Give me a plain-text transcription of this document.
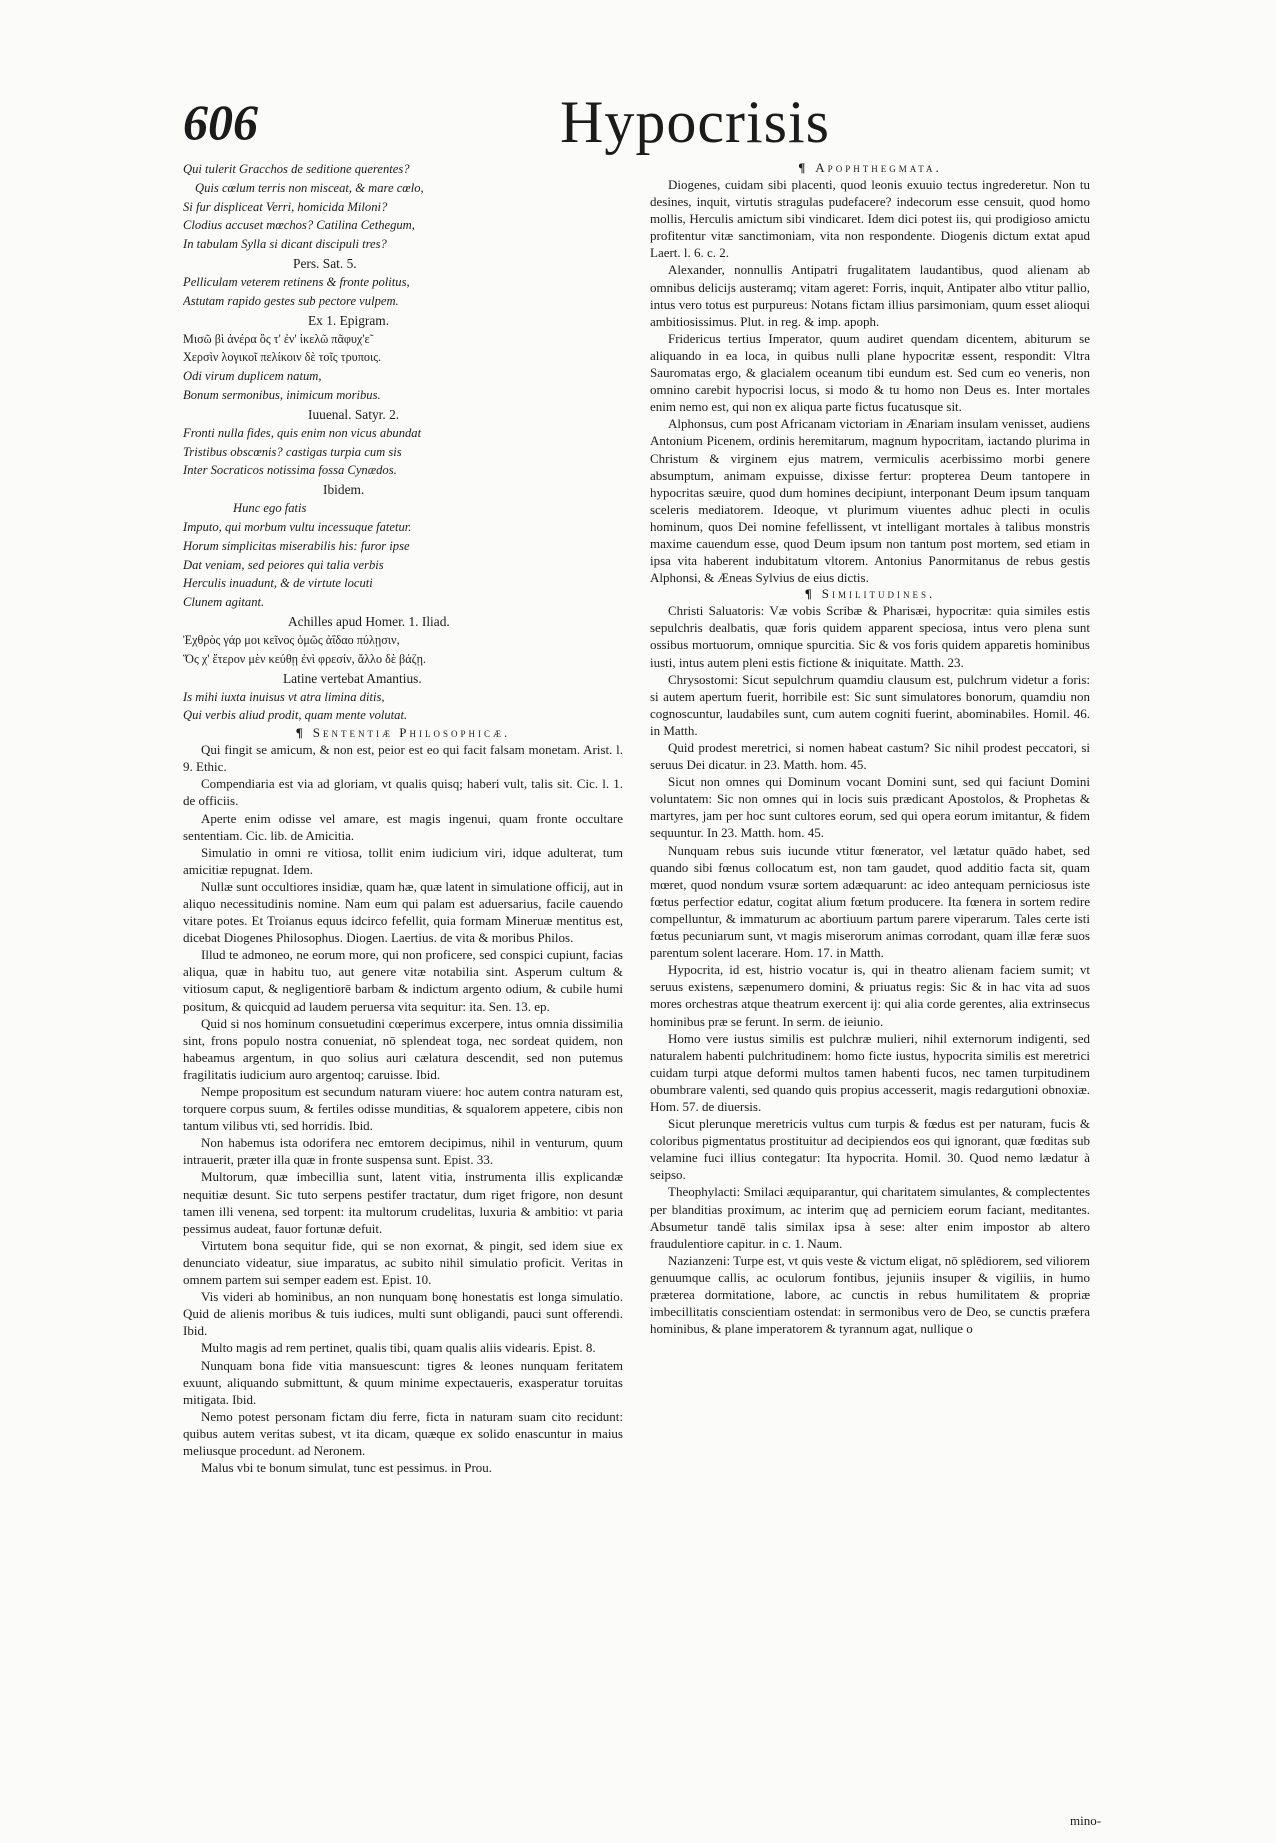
606	Hypocrisis

Qui tulerit Gracchos de seditione querentes?

Quis cœlum terris non misceat, & mare cœlo,

Si fur displiceat Verri, homicida Miloni?

Clodius accuset mœchos? Catilina Cethegum,

In tabulam Sylla si dicant discipuli tres?

Pers. Sat. 5.

Pelliculam veterem retinens & fronte politus,

Astutam rapido gestes sub pectore vulpem.

Ex 1. Epigram.

Μισῶ βὶ ἀνέρα ὃς τ' ἐν' ἰκελῶ πᾶφυχ'ε̃

Χερσὶν λογικοῖ πελίκοιν δὲ τοῖς τρυποις.

Odi virum duplicem natum,

Bonum sermonibus, inimicum moribus.

Iuuenal. Satyr. 2.

Fronti nulla fides, quis enim non vicus abundat

Tristibus obscœnis? castigas turpia cum sis

Inter Socraticos notissima fossa Cynædos.

Ibidem.

Hunc ego fatis

Imputo, qui morbum vultu incessuque fatetur.

Horum simplicitas miserabilis his: furor ipse

Dat veniam, sed peiores qui talia verbis

Herculis inuadunt, & de virtute locuti

Clunem agitant.

Achilles apud Homer. 1. Iliad.

Ἐχθρὸς γάρ μοι κεῖνος ὁμῶς ἀΐδαο πύλῃσιν,

Ὅς χ' ἕτερον μὲν κεύθῃ ἐνὶ φρεσίν, ἄλλο δὲ βάζῃ.

Latine vertebat Amantius.

Is mihi iuxta inuisus vt atra limina ditis,

Qui verbis aliud prodit, quam mente volutat.

¶ Sententiæ Philosophicæ.

Qui fingit se amicum, & non est, peior est eo qui facit falsam monetam. Arist. l. 9. Ethic.

Compendiaria est via ad gloriam, vt qualis quisq; haberi vult, talis sit. Cic. l. 1. de officiis.

Aperte enim odisse vel amare, est magis ingenui, quam fronte occultare sententiam. Cic. lib. de Amicitia.

Simulatio in omni re vitiosa, tollit enim iudicium viri, idque adulterat, tum amicitiæ repugnat. Idem.

Nullæ sunt occultiores insidiæ, quam hæ, quæ latent in simulatione officij, aut in aliquo necessitudinis nomine. Nam eum qui palam est aduersarius, facile cauendo vitare potes. Et Troianus equus idcirco fefellit, quia formam Mineruæ mentitus est, dicebat Diogenes Philosophus. Diogen. Laertius. de vita & moribus Philos.

Illud te admoneo, ne eorum more, qui non proficere, sed conspici cupiunt, facias aliqua, quæ in habitu tuo, aut genere vitæ notabilia sint. Asperum cultum & vitiosum caput, & negligentiorē barbam & indictum argento odium, & cubile humi positum, & quicquid ad laudem peruersa vita sequitur: ita. Sen. 13. ep.

Quid si nos hominum consuetudini cœperimus excerpere, intus omnia dissimilia sint, frons populo nostra conueniat, nō splendeat toga, nec sordeat quidem, non habeamus argentum, in quo solius auri cælatura descendit, sed non putemus fragilitatis iudicium auro argentoq; caruisse. Ibid.

Nempe propositum est secundum naturam viuere: hoc autem contra naturam est, torquere corpus suum, & fertiles odisse munditias, & squalorem appetere, cibis non tantum vilibus vti, sed horridis. Ibid.

Non habemus ista odorifera nec emtorem decipimus, nihil in venturum, quum intrauerit, præter illa quæ in fronte suspensa sunt. Epist. 33.

Multorum, quæ imbecillia sunt, latent vitia, instrumenta illis explicandæ nequitiæ desunt. Sic tuto serpens pestifer tractatur, dum riget frigore, non desunt tamen illi venena, sed torpent: ita multorum crudelitas, luxuria & ambitio: vt paria pessimus audeat, fauor fortunæ defuit.

Virtutem bona sequitur fide, qui se non exornat, & pingit, sed idem siue ex denunciato videatur, siue imparatus, ac subito nihil simulatio proficit. Veritas in omnem partem sui semper eadem est. Epist. 10.

Vis videri ab hominibus, an non nunquam bonę honestatis est longa simulatio. Quid de alienis moribus & tuis iudices, multi sunt obligandi, pauci sunt offerendi. Ibid.

Multo magis ad rem pertinet, qualis tibi, quam qualis aliis videaris. Epist. 8.

Nunquam bona fide vitia mansuescunt: tigres & leones nunquam feritatem exuunt, aliquando submittunt, & quum minime expectaueris, exasperatur toruitas mitigata. Ibid.

Nemo potest personam fictam diu ferre, ficta in naturam suam cito recidunt: quibus autem veritas subest, vt ita dicam, quæque ex solido enascuntur in maius meliusque procedunt. ad Neronem.

Malus vbi te bonum simulat, tunc est pessimus. in Prou.

¶ Apophthegmata.

Diogenes, cuidam sibi placenti, quod leonis exuuio tectus ingrederetur. Non tu desines, inquit, virtutis stragulas pudefacere? indecorum esse censuit, quod homo mollis, Herculis amictum sibi vindicaret. Idem dici potest iis, qui prodigioso amictu profitentur vitæ sanctimoniam, vita non respondente. Diogenis dictum extat apud Laert. l. 6. c. 2.

Alexander, nonnullis Antipatri frugalitatem laudantibus, quod alienam ab omnibus delicijs austeramq; vitam ageret: Forris, inquit, Antipater albo vtitur pallio, intus vero totus est purpureus: Notans fictam illius parsimoniam, quum esset alioqui ambitiosissimus. Plut. in reg. & imp. apoph.

Fridericus tertius Imperator, quum audiret quendam dicentem, abiturum se aliquando in ea loca, in quibus nulli plane hypocritæ essent, respondit: Vltra Sauromatas ergo, & glacialem oceanum tibi eundum est. Sed cum eo veneris, non omnino carebit hypocrisi locus, si modo & tu homo non Deus es. Inter mortales enim nemo est, qui non ex aliqua parte fictus fucatusque sit.

Alphonsus, cum post Africanam victoriam in Ænariam insulam venisset, audiens Antonium Picenem, ordinis heremitarum, magnum hypocritam, iactando plurima in Christum & virginem ejus matrem, vermiculis acerbissimo morbi genere absumptum, animam expuisse, dixisse fertur: propterea Deum tantopere in hypocritas sæuire, quod dum homines decipiunt, interponant Deum ipsum tanquam sceleris mediatorem. Ideoque, vt plurimum viuentes adhuc plecti in oculis hominum, quos Dei nomine fefellissent, vt intelligant mortales à talibus monstris maxime cauendum esse, quod Deum ipsum non tantum post mortem, sed etiam in ipsa vita haberent indubitatum vltorem. Antonius Panormitanus de rebus gestis Alphonsi, & Æneas Sylvius de eius dictis.

¶ Similitudines.

Christi Saluatoris: Væ vobis Scribæ & Pharisæi, hypocritæ: quia similes estis sepulchris dealbatis, quæ foris quidem apparent speciosa, intus vero plena sunt ossibus mortuorum, omnique spurcitia. Sic & vos foris quidem apparetis hominibus iusti, intus autem pleni estis fictione & iniquitate. Matth. 23.

Chrysostomi: Sicut sepulchrum quamdiu clausum est, pulchrum videtur a foris: si autem apertum fuerit, horribile est: Sic sunt simulatores bonorum, quamdiu non cognoscuntur, laudabiles sunt, cum autem cogniti fuerint, abominabiles. Homil. 46. in Matth.

Quid prodest meretrici, si nomen habeat castum? Sic nihil prodest peccatori, si seruus Dei dicatur. in 23. Matth. hom. 45.

Sicut non omnes qui Dominum vocant Domini sunt, sed qui faciunt Domini voluntatem: Sic non omnes qui in locis suis prædicant Apostolos, & Prophetas & martyres, jam per hoc sunt cultores eorum, sed qui opera eorum imitantur, & fidem sequuntur. In 23. Matth. hom. 45.

Nunquam rebus suis iucunde vtitur fœnerator, vel lætatur quādo habet, sed quando sibi fœnus collocatum est, non tam gaudet, quod additio facta sit, quam mœret, quod nondum vsuræ sortem adæquarunt: ac ideo antequam perniciosus iste fœtus perfectior edatur, cogitat alium fœtum producere. Ita fœnera in sortem redire compelluntur, & immaturum ac abortiuum partum parere viperarum. Tales certe isti fœtus pecuniarum sunt, vt magis miserorum animas corrodant, quam illæ feræ suos parentum solent lacerare. Hom. 17. in Matth.

Hypocrita, id est, histrio vocatur is, qui in theatro alienam faciem sumit; vt seruus existens, sæpenumero domini, & priuatus regis: Sic & in hac vita ad suos mores orchestras atque theatrum exercent ij: qui alia corde gerentes, alia extrinsecus hominibus præ se ferunt. In serm. de ieiunio.

Homo vere iustus similis est pulchræ mulieri, nihil externorum indigenti, sed naturalem habenti pulchritudinem: homo ficte iustus, hypocrita similis est meretrici cuidam turpi atque deformi multos tamen habenti fucos, nec tamen turpitudinem obumbrare valenti, sed quando quis propius accesserit, magis redargutioni obnoxiæ. Hom. 57. de diuersis.

Sicut plerunque meretricis vultus cum turpis & fœdus est per naturam, fucis & coloribus pigmentatus prostituitur ad decipiendos eos qui ignorant, quæ fœditas sub velamine fuci illius contegatur: Ita hypocrita. Homil. 30. Quod nemo lædatur à seipso.

Theophylacti: Smilaci æquiparantur, qui charitatem simulantes, & complectentes per blanditias proximum, ac interim quę ad perniciem eorum faciant, meditantes. Absumetur tandē talis similax ipsa à sese: alter enim impostor ab altero fraudulentiore capitur. in c. 1. Naum.

Nazianzeni: Turpe est, vt quis veste & victum eligat, nō splēdiorem, sed viliorem genuumque callis, ac oculorum fontibus, jejuniis insuper & vigiliis, in humo præterea dormitatione, labore, ac cunctis in rebus humilitatem & propriæ imbecillitatis conscientiam ostendat: in sermonibus vero de Deo, se cunctis præfera hominibus, & plane imperatorem & tyrannum agat, nullique o

mino-
